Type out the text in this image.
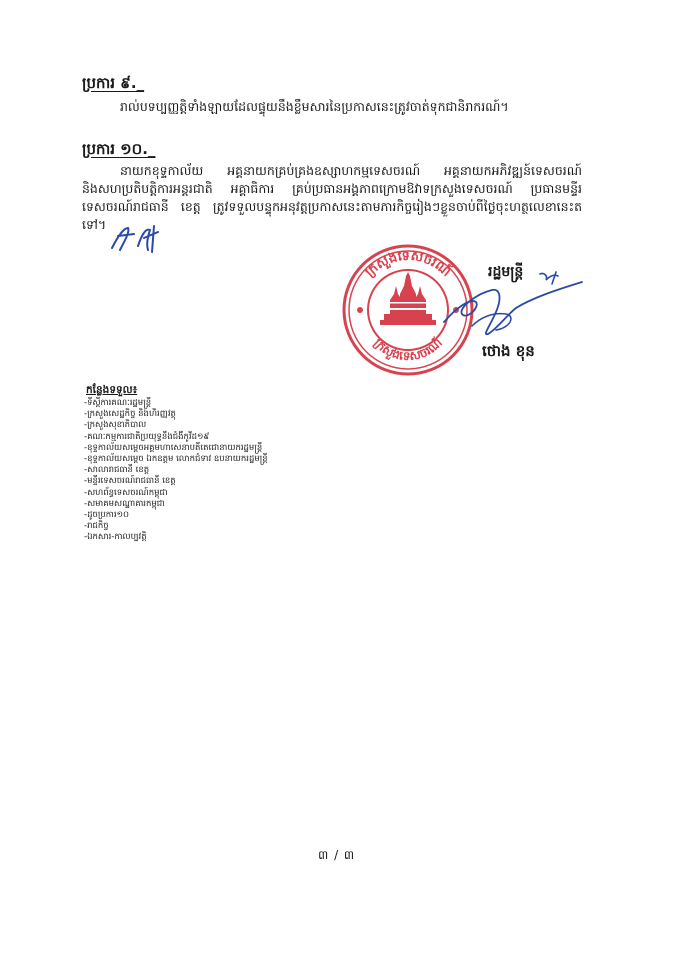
ប្រការ ៩._

រាល់បទប្បញ្ញត្តិទាំងឡាយដែលផ្ទុយនឹងខ្លឹមសារនៃប្រកាសនេះត្រូវចាត់ទុកជានិរាករណ៍។

ប្រការ ១០._

នាយកខុទ្ទកាល័យ អគ្គនាយកគ្រប់គ្រងឧស្សាហកម្មទេសចរណ៍ អគ្គនាយកអភិវឌ្ឍន៍ទេសចរណ៍ និងសហប្រតិបត្តិការអន្តរជាតិ អគ្គាធិការ គ្រប់ប្រធានអង្គភាពក្រោមឱវាទក្រសួងទេសចរណ៍ ប្រធានមន្ទីរទេសចរណ៍រាជធានី ខេត្ត ត្រូវទទួលបន្ទុកអនុវត្តប្រកាសនេះតាមភារកិច្ចរៀងៗខ្លួនចាប់ពីថ្ងៃចុះហត្ថលេខានេះតទៅ។

ក្រសួងទេសចរណ៍
ក្រសួងទេសចរណ៍
រដ្ឋមន្ត្រី
ថោង ខុន
កន្លែងទទួល៖
-ទីស្តីការគណៈរដ្ឋមន្ត្រី
-ក្រសួងសេដ្ឋកិច្ច និងហិរញ្ញវត្ថុ
-ក្រសួងសុខាភិបាល
-គណៈកម្មការជាតិប្រយុទ្ធនឹងជំងឺកូវីដ១៩
-ខុទ្ទកាល័យសម្តេចអគ្គមហាសេនាបតីតេជោនាយករដ្ឋមន្ត្រី
-ខុទ្ទកាល័យសម្តេច ឯកឧត្តម លោកជំទាវ ឧបនាយករដ្ឋមន្ត្រី
-សាលារាជធានី ខេត្ត
-មន្ទីរទេសចរណ៍រាជធានី ខេត្ត
-សហព័ន្ធទេសចរណ៍កម្ពុជា
-សមាគមសណ្ឋាគារកម្ពុជា
-ដូចប្រការ១០
-រាជកិច្ច
-ឯកសារ-កាលប្បវត្តិ
៣ / ៣
